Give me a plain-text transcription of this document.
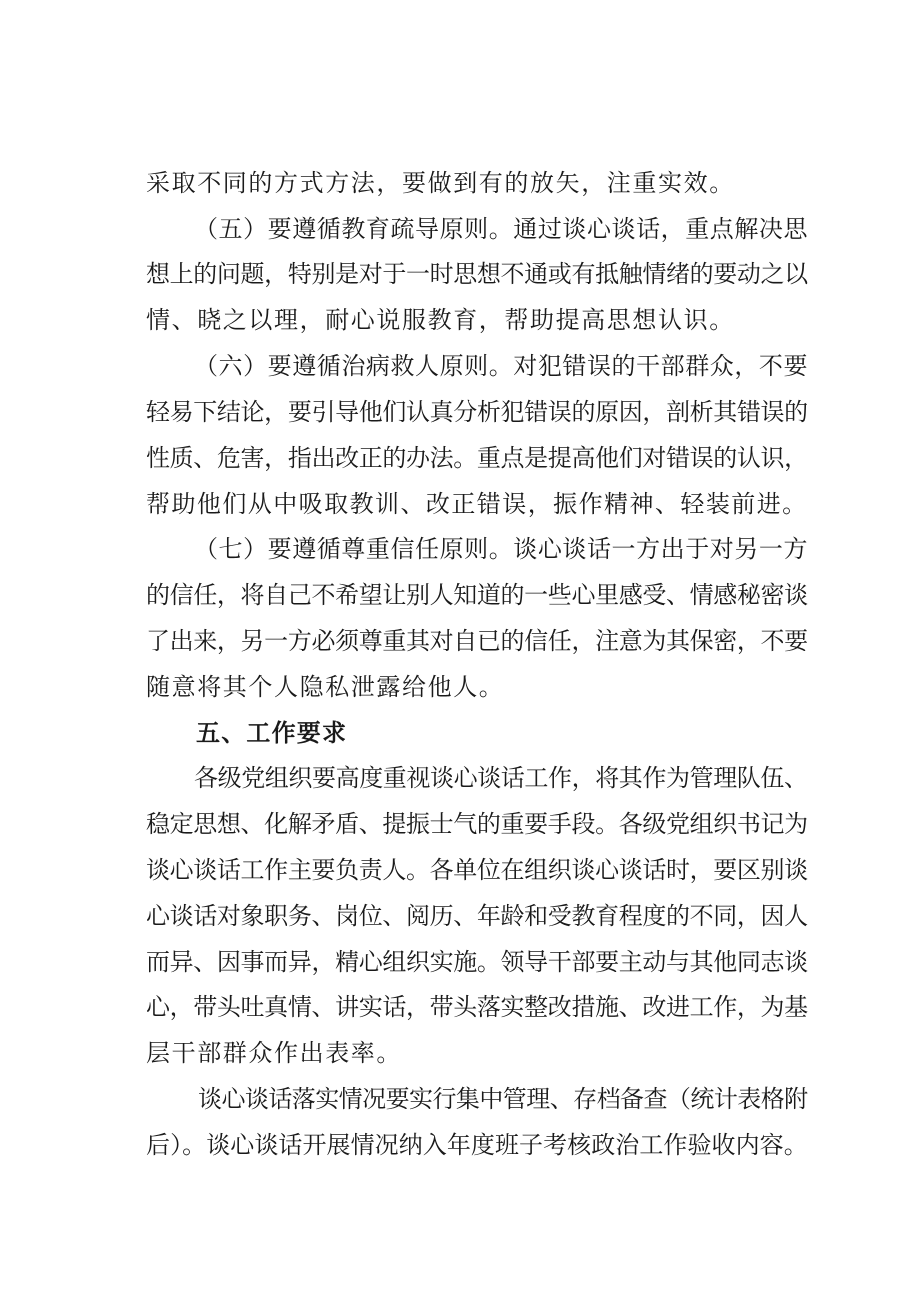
采取不同的方式方法，要做到有的放矢，注重实效。
（五）要遵循教育疏导原则。通过谈心谈话，重点解决思
想上的问题，特别是对于一时思想不通或有抵触情绪的要动之以
情、晓之以理，耐心说服教育，帮助提高思想认识。
（六）要遵循治病救人原则。对犯错误的干部群众，不要
轻易下结论，要引导他们认真分析犯错误的原因，剖析其错误的
性质、危害，指出改正的办法。重点是提高他们对错误的认识，
帮助他们从中吸取教训、改正错误，振作精神、轻装前进。
（七）要遵循尊重信任原则。谈心谈话一方出于对另一方
的信任，将自己不希望让别人知道的一些心里感受、情感秘密谈
了出来，另一方必须尊重其对自已的信任，注意为其保密，不要
随意将其个人隐私泄露给他人。
五、工作要求
各级党组织要高度重视谈心谈话工作，将其作为管理队伍、
稳定思想、化解矛盾、提振士气的重要手段。各级党组织书记为
谈心谈话工作主要负责人。各单位在组织谈心谈话时，要区别谈
心谈话对象职务、岗位、阅历、年龄和受教育程度的不同，因人
而异、因事而异，精心组织实施。领导干部要主动与其他同志谈
心，带头吐真情、讲实话，带头落实整改措施、改进工作，为基
层干部群众作出表率。
谈心谈话落实情况要实行集中管理、存档备查（统计表格附
后）。谈心谈话开展情况纳入年度班子考核政治工作验收内容。
